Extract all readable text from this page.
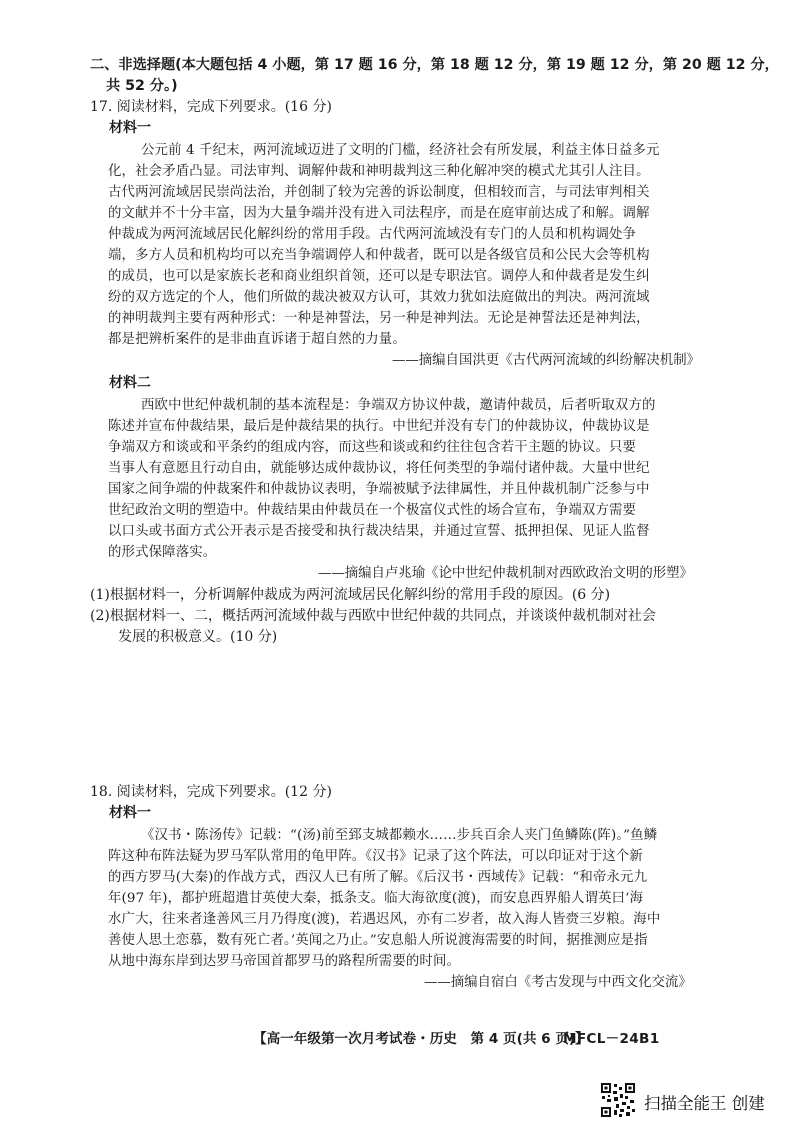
二、非选择题(本大题包括 4 小题，第 17 题 16 分，第 18 题 12 分，第 19 题 12 分，第 20 题 12 分，
共 52 分。)
17. 阅读材料，完成下列要求。(16 分)
材料一
公元前 4 千纪末，两河流域迈进了文明的门槛，经济社会有所发展，利益主体日益多元
化，社会矛盾凸显。司法审判、调解仲裁和神明裁判这三种化解冲突的模式尤其引人注目。
古代两河流域居民崇尚法治，并创制了较为完善的诉讼制度，但相较而言，与司法审判相关
的文献并不十分丰富，因为大量争端并没有进入司法程序，而是在庭审前达成了和解。调解
仲裁成为两河流域居民化解纠纷的常用手段。古代两河流域没有专门的人员和机构调处争
端，多方人员和机构均可以充当争端调停人和仲裁者，既可以是各级官员和公民大会等机构
的成员，也可以是家族长老和商业组织首领，还可以是专职法官。调停人和仲裁者是发生纠
纷的双方选定的个人，他们所做的裁决被双方认可，其效力犹如法庭做出的判决。两河流域
的神明裁判主要有两种形式：一种是神誓法，另一种是神判法。无论是神誓法还是神判法，
都是把辨析案件的是非曲直诉诸于超自然的力量。
——摘编自国洪更《古代两河流域的纠纷解决机制》
材料二
西欧中世纪仲裁机制的基本流程是：争端双方协议仲裁，邀请仲裁员，后者听取双方的
陈述并宣布仲裁结果，最后是仲裁结果的执行。中世纪并没有专门的仲裁协议，仲裁协议是
争端双方和谈或和平条约的组成内容，而这些和谈或和约往往包含若干主题的协议。只要
当事人有意愿且行动自由，就能够达成仲裁协议，将任何类型的争端付诸仲裁。大量中世纪
国家之间争端的仲裁案件和仲裁协议表明，争端被赋予法律属性，并且仲裁机制广泛参与中
世纪政治文明的塑造中。仲裁结果由仲裁员在一个极富仪式性的场合宣布，争端双方需要
以口头或书面方式公开表示是否接受和执行裁决结果，并通过宣誓、抵押担保、见证人监督
的形式保障落实。
——摘编自卢兆瑜《论中世纪仲裁机制对西欧政治文明的形塑》
(1)根据材料一，分析调解仲裁成为两河流域居民化解纠纷的常用手段的原因。(6 分)
(2)根据材料一、二，概括两河流域仲裁与西欧中世纪仲裁的共同点，并谈谈仲裁机制对社会
发展的积极意义。(10 分)
18. 阅读材料，完成下列要求。(12 分)
材料一
《汉书・陈汤传》记载：“(汤)前至郅支城都赖水……步兵百余人夹门鱼鳞陈(阵)。”鱼鳞
阵这种布阵法疑为罗马军队常用的龟甲阵。《汉书》记录了这个阵法，可以印证对于这个新
的西方罗马(大秦)的作战方式，西汉人已有所了解。《后汉书・西域传》记载：“和帝永元九
年(97 年)，都护班超遣甘英使大秦，抵条支。临大海欲度(渡)，而安息西界船人谓英曰‘海
水广大，往来者逢善风三月乃得度(渡)，若遇迟风，亦有二岁者，故入海人皆赍三岁粮。海中
善使人思土恋慕，数有死亡者。’英闻之乃止。”安息船人所说渡海需要的时间，据推测应是指
从地中海东岸到达罗马帝国首都罗马的路程所需要的时间。
——摘编自宿白《考古发现与中西文化交流》
【高一年级第一次月考试卷・历史　第 4 页(共 6 页)】
MFCL－24B1
扫描全能王 创建
